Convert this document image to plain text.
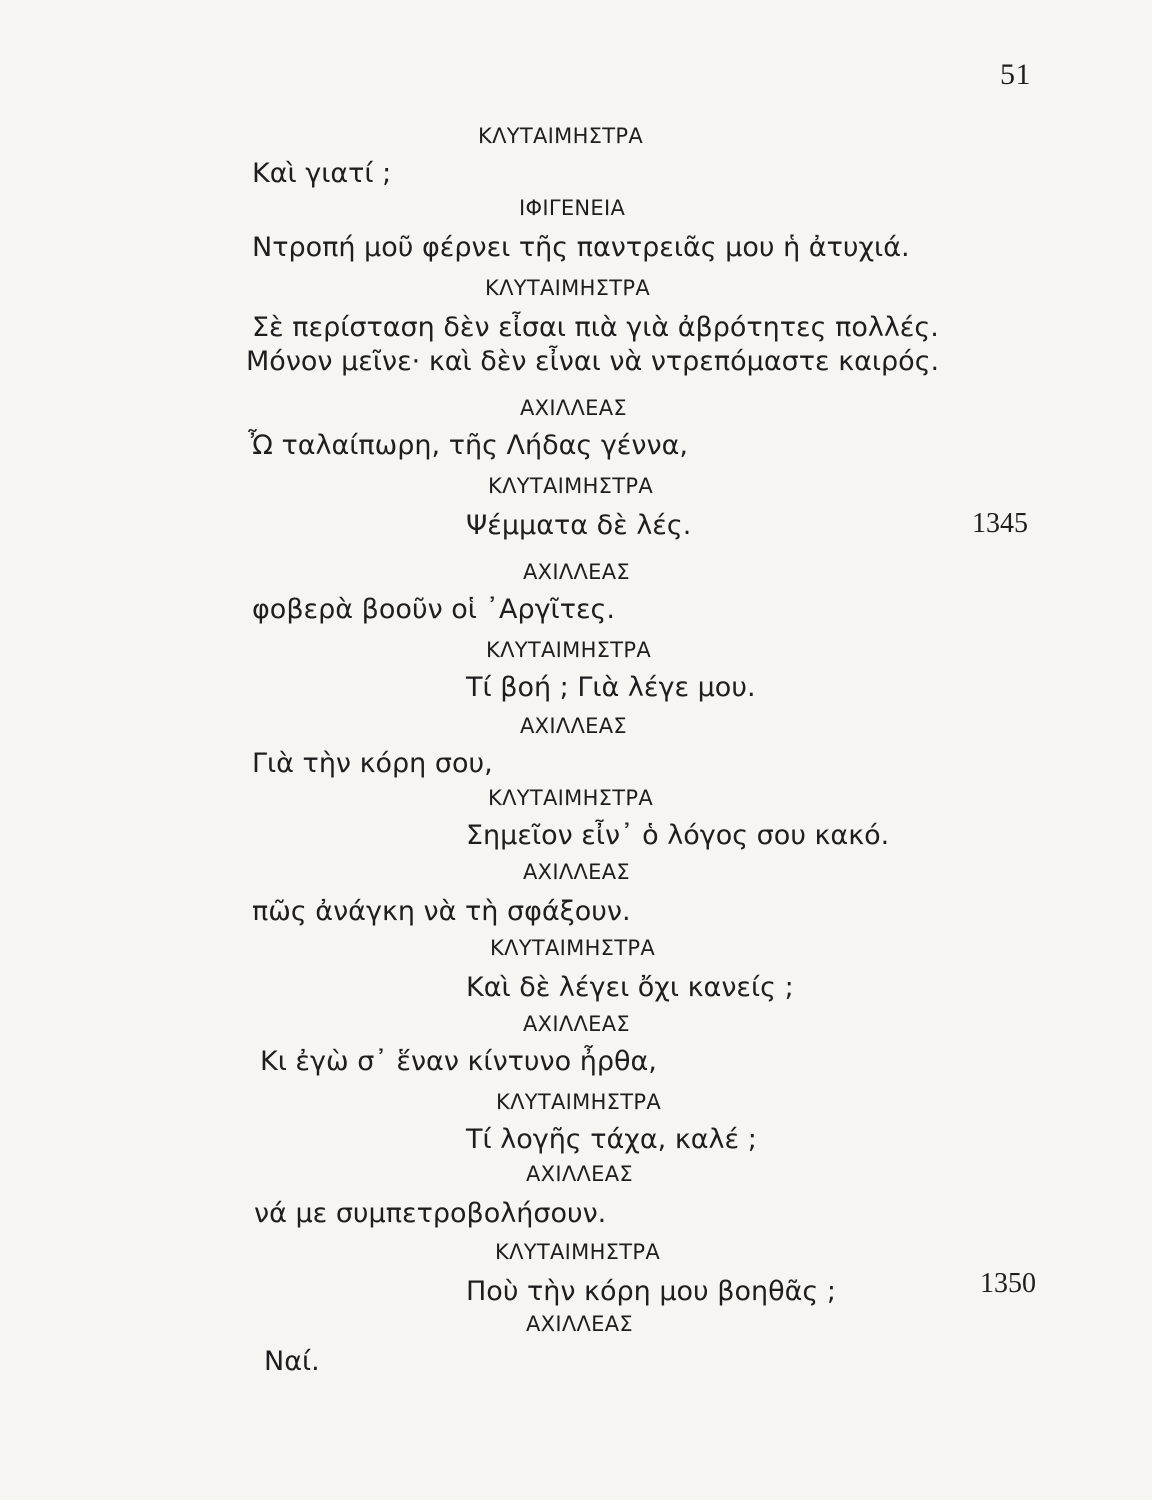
51
1345
1350
ΚΛΥΤΑΙΜΗΣΤΡΑ
Καὶ γιατί ;
ΙΦΙΓΕΝΕΙΑ
Ντροπή μοῦ φέρνει τῆς παντρειᾶς μου ἡ ἀτυχιά.
ΚΛΥΤΑΙΜΗΣΤΡΑ
Σὲ περίσταση δὲν εἶσαι πιὰ γιὰ ἀβρότητες πολλές.
Μόνον μεῖνε· καὶ δὲν εἶναι νὰ ντρεπόμαστε καιρός.
ΑΧΙΛΛΕΑΣ
Ὦ ταλαίπωρη, τῆς Λήδας γέννα,
ΚΛΥΤΑΙΜΗΣΤΡΑ
Ψέμματα δὲ λές.
ΑΧΙΛΛΕΑΣ
φοβερὰ βοοῦν οἱ ᾿Αργῖτες.
ΚΛΥΤΑΙΜΗΣΤΡΑ
Τί βοή ; Γιὰ λέγε μου.
ΑΧΙΛΛΕΑΣ
Γιὰ τὴν κόρη σου,
ΚΛΥΤΑΙΜΗΣΤΡΑ
Σημεῖον εἶν᾿ ὁ λόγος σου κακό.
ΑΧΙΛΛΕΑΣ
πῶς ἀνάγκη νὰ τὴ σφάξουν.
ΚΛΥΤΑΙΜΗΣΤΡΑ
Καὶ δὲ λέγει ὄχι κανείς ;
ΑΧΙΛΛΕΑΣ
Κι ἐγὼ σ᾿ ἕναν κίντυνο ἦρθα,
ΚΛΥΤΑΙΜΗΣΤΡΑ
Τί λογῆς τάχα, καλέ ;
ΑΧΙΛΛΕΑΣ
νά με συμπετροβολήσουν.
ΚΛΥΤΑΙΜΗΣΤΡΑ
Ποὺ τὴν κόρη μου βοηθᾶς ;
ΑΧΙΛΛΕΑΣ
Ναί.
